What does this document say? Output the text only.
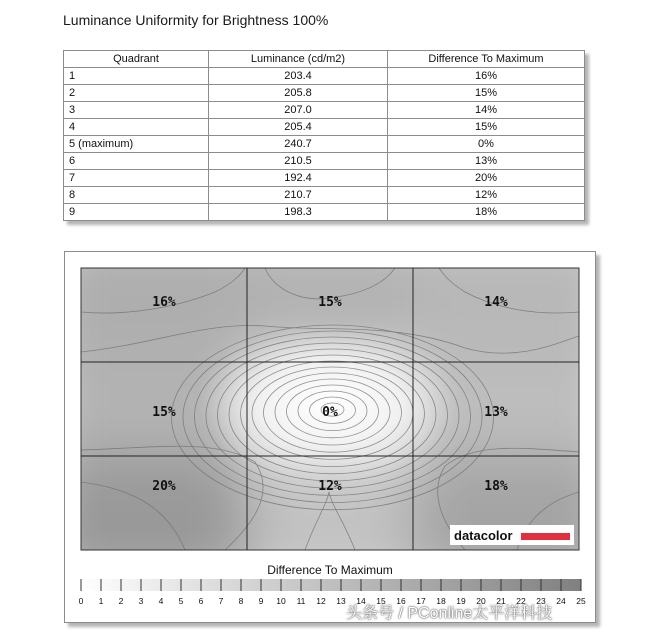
Luminance Uniformity for Brightness 100%
Quadrant	Luminance (cd/m2)	Difference To Maximum
1	203.4	16%
2	205.8	15%
3	207.0	14%
4	205.4	15%
5 (maximum)	240.7	0%
6	210.5	13%
7	192.4	20%
8	210.7	12%
9	198.3	18%
16%	15%	14%
15%	0%	13%
20%	12%	18%
datacolor
Difference To Maximum
0 1 2 3 4 5 6 7 8 9 10 11 12 13 14 15 16 17 18 19 20 21 22 23 24 25
头条号 / PConline太平洋科技
